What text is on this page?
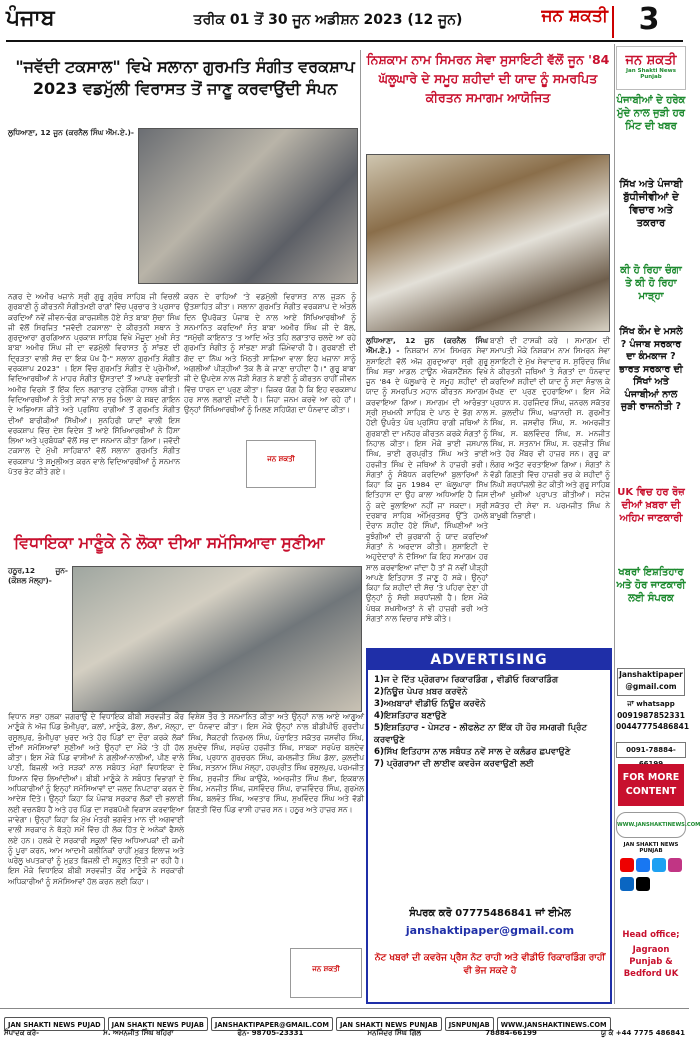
ਪੰਜਾਬ	ਤਰੀਕ 01 ਤੋਂ 30 ਜੂਨ ਅਡੀਸ਼ਨ 2023 (12 ਜੂਨ)	ਜਨ ਸ਼ਕਤੀ	3
"ਜਵੱਦੀ ਟਕਸਾਲ" ਵਿਖੇ ਸਲਾਨਾ ਗੁਰਮਤਿ ਸੰਗੀਤ ਵਰਕਸ਼ਾਪ 2023 ਵਡਮੁੱਲੀ ਵਿਰਾਸਤ ਤੋਂ ਜਾਣੂ ਕਰਵਾਉਂਦੀ ਸੰਪਨ
ਲੁਧਿਆਣਾ, 12 ਜੂਨ (ਕਰਨੈਲ ਸਿੰਘ ਐੱਮ.ਏ.)-
ਨਗਰ ਦੇ ਅਮੀਰ ਖਜ਼ਾਨੇ ਸ੍ਰੀ ਗੁਰੂ ਗ੍ਰੰਥ ਸਾਹਿਬ ਜੀ ਵਿਚਲੀ ਗੁਰਬਾਣੀ ਨੂੰ ਕੀਰਤਨੀ ਸੰਗੀਤਮਈ ਰਾਗਾਂ ਵਿੱਚ ਪ੍ਰਚਾਰ ਤੇ ਪ੍ਰਸਾਰ ਕਰਦਿਆਂ ਨਵੇਂ ਜੀਵਨ-ਢੰਗ ਕਾਰਜਸ਼ੀਲ ਹੋਏ ਸੰਤ ਬਾਬਾ ਸੁੱਚਾ ਸਿੰਘ ਜੀ ਵੱਲੋਂ ਸਿਰਜਿਤ "ਜਵੱਦੀ ਟਕਸਾਲ" ਦੇ ਕੀਰਤਨੀ ਸਥਾਨ ਤੇ ਗੁਰਦੁਆਰਾ ਗੁਰਗਿਆਨ ਪ੍ਰਕਾਸ਼ ਸਾਹਿਬ ਵਿਖੇ ਮੌਜੂਦਾ ਮੁਖੀ ਸੰਤ ਬਾਬਾ ਅਮੀਰ ਸਿੰਘ ਜੀ ਦਾ ਵਡਮੁੱਲੀ ਵਿਰਾਸਤ ਨੂੰ ਸਾਂਭਣ ਦੀ ਦ੍ਰਿੜਤਾ ਵਾਲੀ ਸੋਚ ਦਾ ਇਕ ਪੱਖ ਹੈ-" ਸਲਾਨਾ ਗੁਰਮਤਿ ਸੰਗੀਤ ਵਰਕਸ਼ਾਪ 2023" । ਇਸ ਵਿੱਚ ਗੁਰਮਤਿ ਸੰਗੀਤ ਦੇ ਪ੍ਰੇਮੀਆਂ, ਵਿਦਿਆਰਥੀਆਂ ਨੇ ਮਾਹਰ ਸੰਗੀਤ ਉਸਤਾਦਾਂ ਤੋਂ ਆਪਣੇ ਰਵਾਇਤੀ ਅਮੀਰ ਵਿਰਸੇ ਤੋਂ ਇੱਕ ਦਿਨ ਲਗਾਤਾਰ ਟ੍ਰੇਨਿੰਗ ਹਾਸਲ ਕੀਤੀ। ਵਿਦਿਆਰਥੀਆਂ ਨੇ ਤੰਤੀ ਸਾਜ਼ਾਂ ਨਾਲ ਸੁਰ ਮਿਲਾ ਕੇ ਸ਼ਬਦ ਗਾਇਨ ਦੇ ਅਭਿਆਸ ਕੀਤੇ ਅਤੇ ਪ੍ਰਸਿੱਧ ਰਾਗੀਆਂ ਤੋਂ ਗੁਰਮਤਿ ਸੰਗੀਤ ਦੀਆਂ ਬਾਰੀਕੀਆਂ ਸਿੱਖੀਆਂ। ਸੁਨਹਿਰੀ ਯਾਦਾਂ ਵਾਲੀ ਇਸ ਵਰਕਸ਼ਾਪ ਵਿੱਚ ਦੇਸ਼ ਵਿਦੇਸ਼ ਤੋਂ ਆਏ ਸਿੱਖਿਆਰਥੀਆਂ ਨੇ ਹਿੱਸਾ ਲਿਆ ਅਤੇ ਪ੍ਰਬੰਧਕਾਂ ਵੱਲੋਂ ਸਭ ਦਾ ਸਨਮਾਨ ਕੀਤਾ ਗਿਆ। ਜਵੱਦੀ ਟਕਸਾਲ ਦੇ ਮੁੱਖੀ ਸਾਹਿਬਾਨਾਂ ਵੱਲੋਂ ਸਲਾਨਾ ਗੁਰਮਤਿ ਸੰਗੀਤ ਵਰਕਸ਼ਾਪ 'ਤੇ ਸ਼ਮੂਲੀਅਤ ਕਰਨ ਵਾਲੇ ਵਿਦਿਆਰਥੀਆਂ ਨੂੰ ਸਨਮਾਨ ਪੱਤਰ ਭੇਟ ਕੀਤੇ ਗਏ।
ਕਰਨ ਦੇ ਰਾਹਿਆਂ 'ਤੇ ਵਡਮੁੱਲੀ ਵਿਰਾਸਤ ਨਾਲ ਜੁੜਨ ਨੂੰ ਉਤਸ਼ਾਹਿਤ ਕੀਤਾ। ਸਲਾਨਾ ਗੁਰਮਤਿ ਸੰਗੀਤ ਵਰਕਸ਼ਾਪ ਦੇ ਅੰਤਲੇ ਦਿਨ ਉਪਰੋਕਤ ਪੰਜਾਬ ਦੇ ਨਾਲ ਆਏ ਸਿੱਖਿਆਰਥੀਆਂ ਨੂੰ ਸਨਮਾਨਿਤ ਕਰਦਿਆਂ ਸੰਤ ਬਾਬਾ ਅਮੀਰ ਸਿੰਘ ਜੀ ਦੇ ਬੋਲ, "ਸਮੁੱਚੀ ਕਾਇਨਾਤ 'ਤ ਆਦਿ ਅੰਤ ਤਹਿ ਲਗਾਤਾਰ ਚਲਦੇ ਆ ਰਹੇ ਗੁਰਮਤਿ ਸੰਗੀਤ ਨੂੰ ਸਾਂਭਣਾ ਸਾਡੀ ਜ਼ਿੰਮੇਵਾਰੀ ਹੈ। ਗੁਰਬਾਣੀ ਦੀ ਗੋਦ ਦਾ ਨਿੱਘ ਅਤੇ ਮਿੱਠਤੀ ਸਾਜ਼ਿਆ ਵਾਲਾ ਇਹ ਖ਼ਜ਼ਾਨਾ ਸਾਨੂੰ ਅਗਲੀਆਂ ਪੀੜ੍ਹੀਆਂ ਤੱਕ ਲੈ ਕੇ ਜਾਣਾ ਚਾਹੀਦਾ ਹੈ।" ਗੁਰੂ ਬਾਬਾ ਜੀ ਦੇ ਉਪਦੇਸ਼ ਨਾਲ ਜੋੜੀ ਸੰਗਤ ਨੇ ਬਾਣੀ ਨੂੰ ਕੀਰਤਨ ਰਾਹੀਂ ਜੀਵਨ ਵਿੱਚ ਧਾਰਨ ਦਾ ਪ੍ਰਣ ਕੀਤਾ। ਜ਼ਿਕਰ ਯੋਗ ਹੈ ਕਿ ਇਹ ਵਰਕਸ਼ਾਪ ਹਰ ਸਾਲ ਲਗਾਈ ਜਾਂਦੀ ਹੈ। ਜਿਹਾ ਜਨਮ ਕਰਵੇ ਆ ਰਹੇ ਹਾਂ। ਉਨ੍ਹਾਂ ਸਿੱਖਿਆਰਥੀਆਂ ਨੂੰ ਮਿਲਣ ਸਹਿਯੋਗ ਦਾ ਧੰਨਵਾਦ ਕੀਤਾ।
ਜਨ ਸ਼ਕਤੀ
ਨਿਸ਼ਕਾਮ ਨਾਮ ਸਿਮਰਨ ਸੇਵਾ ਸੁਸਾਇਟੀ ਵੱਲੋਂ ਜੂਨ '84 ਘੱਲੂਘਾਰੇ ਦੇ ਸਮੂਹ ਸ਼ਹੀਦਾਂ ਦੀ ਯਾਦ ਨੂੰ ਸਮਰਪਿਤ ਕੀਰਤਨ ਸਮਾਗਮ ਆਯੋਜਿਤ
ਲੁਧਿਆਣਾ, 12 ਜੂਨ (ਕਰਨੈਲ ਸਿੰਘ ਐੱਮ.ਏ.) - ਨਿਸ਼ਕਾਮ ਨਾਮ ਸਿਮਰਨ ਸੇਵਾ ਸੁਸਾਇਟੀ ਵੱਲੋਂ ਅੱਜ ਗੁਰਦੁਆਰਾ ਸ੍ਰੀ ਗੁਰੂ ਸਿੰਘ ਸਭਾ ਮਾਡਲ ਟਾਊਨ ਐਕਸਟੈਂਸ਼ਨ ਵਿਖੇ ਜੂਨ '84 ਦੇ ਘੱਲੂਘਾਰੇ ਦੇ ਸਮੂਹ ਸ਼ਹੀਦਾਂ ਦੀ ਯਾਦ ਨੂੰ ਸਮਰਪਿਤ ਮਹਾਨ ਕੀਰਤਨ ਸਮਾਗਮ ਕਰਵਾਇਆ ਗਿਆ। ਸਮਾਗਮ ਦੀ ਆਰੰਭਤਾ ਸ੍ਰੀ ਸੁਖਮਨੀ ਸਾਹਿਬ ਦੇ ਪਾਠ ਦੇ ਭੋਗ ਨਾਲ ਹੋਈ ਉਪਰੰਤ ਪੰਥ ਪ੍ਰਸਿੱਧ ਰਾਗੀ ਜਥਿਆਂ ਨੇ ਗੁਰਬਾਣੀ ਦਾ ਮਨੋਹਰ ਕੀਰਤਨ ਕਰਕੇ ਸੰਗਤਾਂ ਨੂੰ ਨਿਹਾਲ ਕੀਤਾ। ਇਸ ਮੌਕੇ ਭਾਈ ਜਸਪਾਲ ਸਿੰਘ, ਭਾਈ ਗੁਰਪ੍ਰੀਤ ਸਿੰਘ ਅਤੇ ਭਾਈ ਹਰਜੀਤ ਸਿੰਘ ਦੇ ਜਥਿਆਂ ਨੇ ਹਾਜ਼ਰੀ ਭਰੀ। ਸੰਗਤਾਂ ਨੂੰ ਸੰਬੋਧਨ ਕਰਦਿਆਂ ਬੁਲਾਰਿਆਂ ਨੇ ਕਿਹਾ ਕਿ ਜੂਨ 1984 ਦਾ ਘੱਲੂਘਾਰਾ ਸਿੱਖ ਇਤਿਹਾਸ ਦਾ ਉਹ ਕਾਲਾ ਅਧਿਆਇ ਹੈ ਜਿਸ ਨੂੰ ਕਦੇ ਭੁਲਾਇਆ ਨਹੀਂ ਜਾ ਸਕਦਾ। ਸ੍ਰੀ ਦਰਬਾਰ ਸਾਹਿਬ ਅੰਮ੍ਰਿਤਸਰ ਉੱਤੇ ਹਮਲੇ ਦੌਰਾਨ ਸ਼ਹੀਦ ਹੋਏ ਸਿੰਘਾਂ, ਸਿੰਘਣੀਆਂ ਅਤੇ ਭੁਝੰਗੀਆਂ ਦੀ ਕੁਰਬਾਨੀ ਨੂੰ ਯਾਦ ਕਰਦਿਆਂ ਸੰਗਤਾਂ ਨੇ ਅਰਦਾਸ ਕੀਤੀ। ਸੁਸਾਇਟੀ ਦੇ ਅਹੁਦੇਦਾਰਾਂ ਨੇ ਦੱਸਿਆ ਕਿ ਇਹ ਸਮਾਗਮ ਹਰ ਸਾਲ ਕਰਵਾਇਆ ਜਾਂਦਾ ਹੈ ਤਾਂ ਜੋ ਨਵੀਂ ਪੀੜ੍ਹੀ ਆਪਣੇ ਇਤਿਹਾਸ ਤੋਂ ਜਾਣੂ ਹੋ ਸਕੇ। ਉਨ੍ਹਾਂ ਕਿਹਾ ਕਿ ਸ਼ਹੀਦਾਂ ਦੀ ਸੋਚ 'ਤੇ ਪਹਿਰਾ ਦੇਣਾ ਹੀ ਉਨ੍ਹਾਂ ਨੂੰ ਸੱਚੀ ਸ਼ਰਧਾਂਜਲੀ ਹੈ। ਇਸ ਮੌਕੇ ਪੰਥਕ ਸ਼ਖਸੀਅਤਾਂ ਨੇ ਵੀ ਹਾਜ਼ਰੀ ਭਰੀ ਅਤੇ ਸੰਗਤਾਂ ਨਾਲ ਵਿਚਾਰ ਸਾਂਝੇ ਕੀਤੇ।
ਬਾਣੀ ਦੀ ਟਾਸਕੀ ਕਰੇ । ਸਮਾਗਮ ਦੀ ਸਮਾਪਤੀ ਮੌਕੇ ਨਿਸ਼ਕਾਮ ਨਾਮ ਸਿਮਰਨ ਸੇਵਾ ਸੁਸਾਇਟੀ ਦੇ ਮੁੱਖ ਸੇਵਾਦਾਰ ਸ. ਸੁਰਿੰਦਰ ਸਿੰਘ ਨੇ ਕੀਰਤਨੀ ਜਥਿਆਂ ਤੇ ਸੰਗਤਾਂ ਦਾ ਧੰਨਵਾਦ ਕਰਦਿਆਂ ਸ਼ਹੀਦਾਂ ਦੀ ਯਾਦ ਨੂੰ ਸਦਾ ਸੰਭਾਲ ਕੇ ਰੱਖਣ ਦਾ ਪ੍ਰਣ ਦੁਹਰਾਇਆ। ਇਸ ਮੌਕੇ ਪ੍ਰਧਾਨ ਸ. ਹਰਜਿੰਦਰ ਸਿੰਘ, ਜਨਰਲ ਸਕੱਤਰ ਸ. ਕੁਲਦੀਪ ਸਿੰਘ, ਖਜ਼ਾਨਚੀ ਸ. ਗੁਰਮੀਤ ਸਿੰਘ, ਸ. ਜਸਵੀਰ ਸਿੰਘ, ਸ. ਅਮਰਜੀਤ ਸਿੰਘ, ਸ. ਬਲਵਿੰਦਰ ਸਿੰਘ, ਸ. ਮਨਜੀਤ ਸਿੰਘ, ਸ. ਸਤਨਾਮ ਸਿੰਘ, ਸ. ਰਣਜੀਤ ਸਿੰਘ ਅਤੇ ਹੋਰ ਮੈਂਬਰ ਵੀ ਹਾਜ਼ਰ ਸਨ। ਗੁਰੂ ਕਾ ਲੰਗਰ ਅਤੁੱਟ ਵਰਤਾਇਆ ਗਿਆ। ਸੰਗਤਾਂ ਨੇ ਵੱਡੀ ਗਿਣਤੀ ਵਿੱਚ ਹਾਜ਼ਰੀ ਭਰ ਕੇ ਸ਼ਹੀਦਾਂ ਨੂੰ ਨਿੱਘੀ ਸ਼ਰਧਾਂਜਲੀ ਭੇਟ ਕੀਤੀ ਅਤੇ ਗੁਰੂ ਸਾਹਿਬ ਦੀਆਂ ਖੁਸ਼ੀਆਂ ਪ੍ਰਾਪਤ ਕੀਤੀਆਂ। ਸਟੇਜ ਸਕੱਤਰ ਦੀ ਸੇਵਾ ਸ. ਪਰਮਜੀਤ ਸਿੰਘ ਨੇ ਬਾਖੂਬੀ ਨਿਭਾਈ।
ਵਿਧਾਇਕਾ ਮਾਣੂੰਕੇ ਨੇ ਲੋਕਾ ਦੀਆ ਸਮੱਸਿਆਵਾ ਸੁਣੀਆ
ਹਠੂਰ,12 ਜੂਨ-(ਕੌਸ਼ਲ ਮੱਲ੍ਹਾ)-
ਵਿਧਾਨ ਸਭਾ ਹਲਕਾ ਜਗਰਾਉ ਦੇ ਵਿਧਾਇਕ ਬੀਬੀ ਸਰਵਜੀਤ ਕੌਰ ਮਾਣੂੰਕੇ ਨੇ ਅੱਜ ਪਿੰਡ ਭੰਮੀਪੁਰਾ, ਕਲਾਂ, ਮਾਣੂੰਕੇ, ਡੱਲਾ, ਲੱਖਾ, ਮੱਲ੍ਹਾ, ਰਸੂਲਪੁਰ, ਭੰਮੀਪੁਰਾ ਖੁਰਦ ਅਤੇ ਹੋਰ ਪਿੰਡਾਂ ਦਾ ਦੌਰਾ ਕਰਕੇ ਲੋਕਾਂ ਦੀਆਂ ਸਮੱਸਿਆਵਾਂ ਸੁਣੀਆਂ ਅਤੇ ਉਨ੍ਹਾਂ ਦਾ ਮੌਕੇ 'ਤੇ ਹੀ ਹੱਲ ਕੀਤਾ। ਇਸ ਮੌਕੇ ਪਿੰਡ ਵਾਸੀਆਂ ਨੇ ਗਲੀਆਂ-ਨਾਲੀਆਂ, ਪੀਣ ਵਾਲੇ ਪਾਣੀ, ਬਿਜਲੀ ਅਤੇ ਸੜਕਾਂ ਨਾਲ ਸਬੰਧਤ ਮੰਗਾਂ ਵਿਧਾਇਕਾ ਦੇ ਧਿਆਨ ਵਿੱਚ ਲਿਆਂਦੀਆਂ। ਬੀਬੀ ਮਾਣੂੰਕੇ ਨੇ ਸਬੰਧਤ ਵਿਭਾਗਾਂ ਦੇ ਅਧਿਕਾਰੀਆਂ ਨੂੰ ਇਨ੍ਹਾਂ ਸਮੱਸਿਆਵਾਂ ਦਾ ਜਲਦ ਨਿਪਟਾਰਾ ਕਰਨ ਦੇ ਆਦੇਸ਼ ਦਿੱਤੇ। ਉਨ੍ਹਾਂ ਕਿਹਾ ਕਿ ਪੰਜਾਬ ਸਰਕਾਰ ਲੋਕਾਂ ਦੀ ਭਲਾਈ ਲਈ ਵਚਨਬੱਧ ਹੈ ਅਤੇ ਹਰ ਪਿੰਡ ਦਾ ਸਰਬਪੱਖੀ ਵਿਕਾਸ ਕਰਵਾਇਆ ਜਾਵੇਗਾ। ਉਨ੍ਹਾਂ ਕਿਹਾ ਕਿ ਮੁੱਖ ਮੰਤਰੀ ਭਗਵੰਤ ਮਾਨ ਦੀ ਅਗਵਾਈ ਵਾਲੀ ਸਰਕਾਰ ਨੇ ਥੋੜ੍ਹੇ ਸਮੇਂ ਵਿੱਚ ਹੀ ਲੋਕ ਹਿੱਤ ਦੇ ਅਨੇਕਾਂ ਫੈਸਲੇ ਲਏ ਹਨ। ਹਲਕੇ ਦੇ ਸਰਕਾਰੀ ਸਕੂਲਾਂ ਵਿੱਚ ਅਧਿਆਪਕਾਂ ਦੀ ਕਮੀ ਨੂੰ ਪੂਰਾ ਕਰਨ, ਆਮ ਆਦਮੀ ਕਲੀਨਿਕਾਂ ਰਾਹੀਂ ਮੁਫ਼ਤ ਇਲਾਜ ਅਤੇ ਘਰੇਲੂ ਖਪਤਕਾਰਾਂ ਨੂੰ ਮੁਫ਼ਤ ਬਿਜਲੀ ਦੀ ਸਹੂਲਤ ਦਿੱਤੀ ਜਾ ਰਹੀ ਹੈ। ਇਸ ਮੌਕੇ ਵਿਧਾਇਕ ਬੀਬੀ ਸਰਵਜੀਤ ਕੌਰ ਮਾਣੂੰਕੇ ਨੇ ਸਰਕਾਰੀ ਅਧਿਕਾਰੀਆਂ ਨੂੰ ਸਮੱਸਿਆਵਾਂ ਹੱਲ ਕਰਨ ਲਈ ਕਿਹਾ।
ਵਿਸ਼ੇਸ਼ ਤੌਰ ਤੇ ਸਨਮਾਨਿਤ ਕੀਤਾ ਅਤੇ ਉਨ੍ਹਾਂ ਨਾਲ ਆਏ ਆਗੂਆਂ ਦਾ ਧੰਨਵਾਦ ਕੀਤਾ। ਇਸ ਮੌਕੇ ਉਨ੍ਹਾਂ ਨਾਲ ਬੀਡੀਪੀਓ ਗੁਰਦੀਪ ਸਿੰਘ, ਸੈਕਟਰੀ ਨਿਰਮਲ ਸਿੰਘ, ਪੰਚਾਇਤ ਸਕੱਤਰ ਜਸਵੀਰ ਸਿੰਘ, ਸੁਖਦੇਵ ਸਿੰਘ, ਸਰਪੰਚ ਹਰਜੀਤ ਸਿੰਘ, ਸਾਬਕਾ ਸਰਪੰਚ ਬਲਦੇਵ ਸਿੰਘ, ਪ੍ਰਧਾਨ ਗੁਰਚਰਨ ਸਿੰਘ, ਕਮਲਜੀਤ ਸਿੰਘ ਡੱਲਾ, ਕੁਲਦੀਪ ਸਿੰਘ, ਸਤਨਾਮ ਸਿੰਘ ਮੱਲ੍ਹਾ, ਹਰਪ੍ਰੀਤ ਸਿੰਘ ਰਸੂਲਪੁਰ, ਪਰਮਜੀਤ ਸਿੰਘ, ਸੁਰਜੀਤ ਸਿੰਘ ਕਾਉਂਕੇ, ਅਮਰਜੀਤ ਸਿੰਘ ਲੱਖਾ, ਇਕਬਾਲ ਸਿੰਘ, ਮਨਜੀਤ ਸਿੰਘ, ਜਸਵਿੰਦਰ ਸਿੰਘ, ਰਾਜਵਿੰਦਰ ਸਿੰਘ, ਗੁਰਮੇਲ ਸਿੰਘ, ਬਲਵੰਤ ਸਿੰਘ, ਅਵਤਾਰ ਸਿੰਘ, ਸੁਖਵਿੰਦਰ ਸਿੰਘ ਅਤੇ ਵੱਡੀ ਗਿਣਤੀ ਵਿੱਚ ਪਿੰਡ ਵਾਸੀ ਹਾਜ਼ਰ ਸਨ। ਹਠੂਰ ਅਤੇ ਹਾਜ਼ਰ ਸਨ।
ਜਨ ਸ਼ਕਤੀ
ADVERTISING
1)ਜ ਦੇ ਦਿੱਤ ਪ੍ਰੋਗਰਾਮ ਰਿਕਾਰਡਿੰਗ , ਵੀਡੀਓ ਰਿਕਾਰਡਿੰਗ
2)ਨਿਊਜ਼ ਪੇਪਰ ਖ਼ਬਰ ਕਰਵੋਨੇ
3)ਅਖ਼ਬਾਰਾਂ ਵੀਡੀਓ ਨਿਊਜ਼ ਕਰਵੋਨੇ
4)ਇਸ਼ਤਿਹਾਰ ਬਣਾਉਣੇ
5)ਇਸ਼ਤਿਹਾਰ - ਪੇਸਟਰ - ਲੀਫਲੇਟ ਨਾ ਇੱਕ ਹੀ ਹੋਰ ਸਮਗਰੀ ਪ੍ਰਿੰਟ ਕਰਵਾਉਣੇ
6)ਸਿੱਖ ਇਤਿਹਾਸ ਨਾਲ ਸਬੰਧਤ ਨਵੇਂ ਸਾਲ ਦੇ ਕਲੰਡਰ ਛਪਵਾਉਣੇ
7) ਪ੍ਰੋਗਰਾਮਾ ਦੀ ਲਾਈਵ ਕਵਰੇਜ ਕਰਵਾਉਣੀ ਲਈ
ਸੰਪਰਕ ਕਰੋ 07775486841 ਜਾਂ ਈਮੇਲ
janshaktipaper@gmail.com
ਨੋਟ ਖਬਰਾਂ ਦੀ ਕਵਰੇਜ ਪ੍ਰੈਸ ਨੋਟ ਰਾਹੀ ਅਤੇ ਵੀਡੀਓ ਰਿਕਾਰਡਿੰਗ ਰਾਹੀਂ ਵੀ ਭੇਜ ਸਕਦੇ ਹੋ
ਜਨ ਸ਼ਕਤੀ
Jan Shakti News Punjab
ਪੰਜਾਬੀਆਂ ਦੇ ਹਰੇਕ ਮੁੱਦੇ ਨਾਲ ਜੁੜੀ ਹਰ ਮਿੰਟ ਦੀ ਖਬਰ
ਸਿੱਖ ਅਤੇ ਪੰਜਾਬੀ ਬੁੱਧੀਜੀਵੀਆਂ ਦੇ ਵਿਚਾਰ ਅਤੇ ਤਕਰਾਰ
ਕੀ ਹੋ ਰਿਹਾ ਚੰਗਾ ਤੇ ਕੀ ਹੋ ਰਿਹਾ ਮਾੜ੍ਹਾ
ਸਿੱਖ ਕੌਮ ਦੇ ਮਸਲੇ ? ਪੰਜਾਬ ਸਰਕਾਰ ਦਾ ਕੰਮਕਾਜ ? ਭਾਰਤ ਸਰਕਾਰ ਦੀ ਸਿੱਖਾਂ ਅਤੇ ਪੰਜਾਬੀਆਂ ਨਾਲ ਜੁੜੀ ਰਾਜਨੀਤੀ ?
UK ਵਿਚ ਹਰ ਰੋਜ਼ ਦੀਆਂ ਖ਼ਬਰਾ ਦੀ ਅਹਿਮ ਜਾਣਕਾਰੀ
ਖਬਰਾਂ ਇਸ਼ਤਿਹਾਰ ਅਤੇ ਹੋਰ ਜਾਣਕਾਰੀ ਲਈ ਸੰਪਰਕ
Janshaktipaper @gmail.com
ਜਾਂ whatsapp
0091987852331
00447775486841
0091-78884-
FOR MORE CONTENT
WWW.JANSHAKTINEWS.COM
JAN SHAKTI NEWS PUNJAB
Head office;
Jagraon Punjab & Bedford UK
JAN SHAKTI NEWS PUJAD JAN SHAKTI NEWS PUJAB JANSHAKTIPAPER@GMAIL.COM JAN SHAKTI NEWS PUNJAB JSNPUNJAB WWW.JANSHAKTINEWS.COM
ਸੰਪਾਦਕ ਕਰੋ-	ਸ. ਅਮਨਜੀਤ ਸਿੰਘ ਖਹਿਰਾ	ਫੋਨ- 98705-23331	ਮਨਜਿੰਦਰ ਸਿੰਘ ਗਿੱਲ	78884-66199	ਯੂ ਕੇ +44 7775 486841
